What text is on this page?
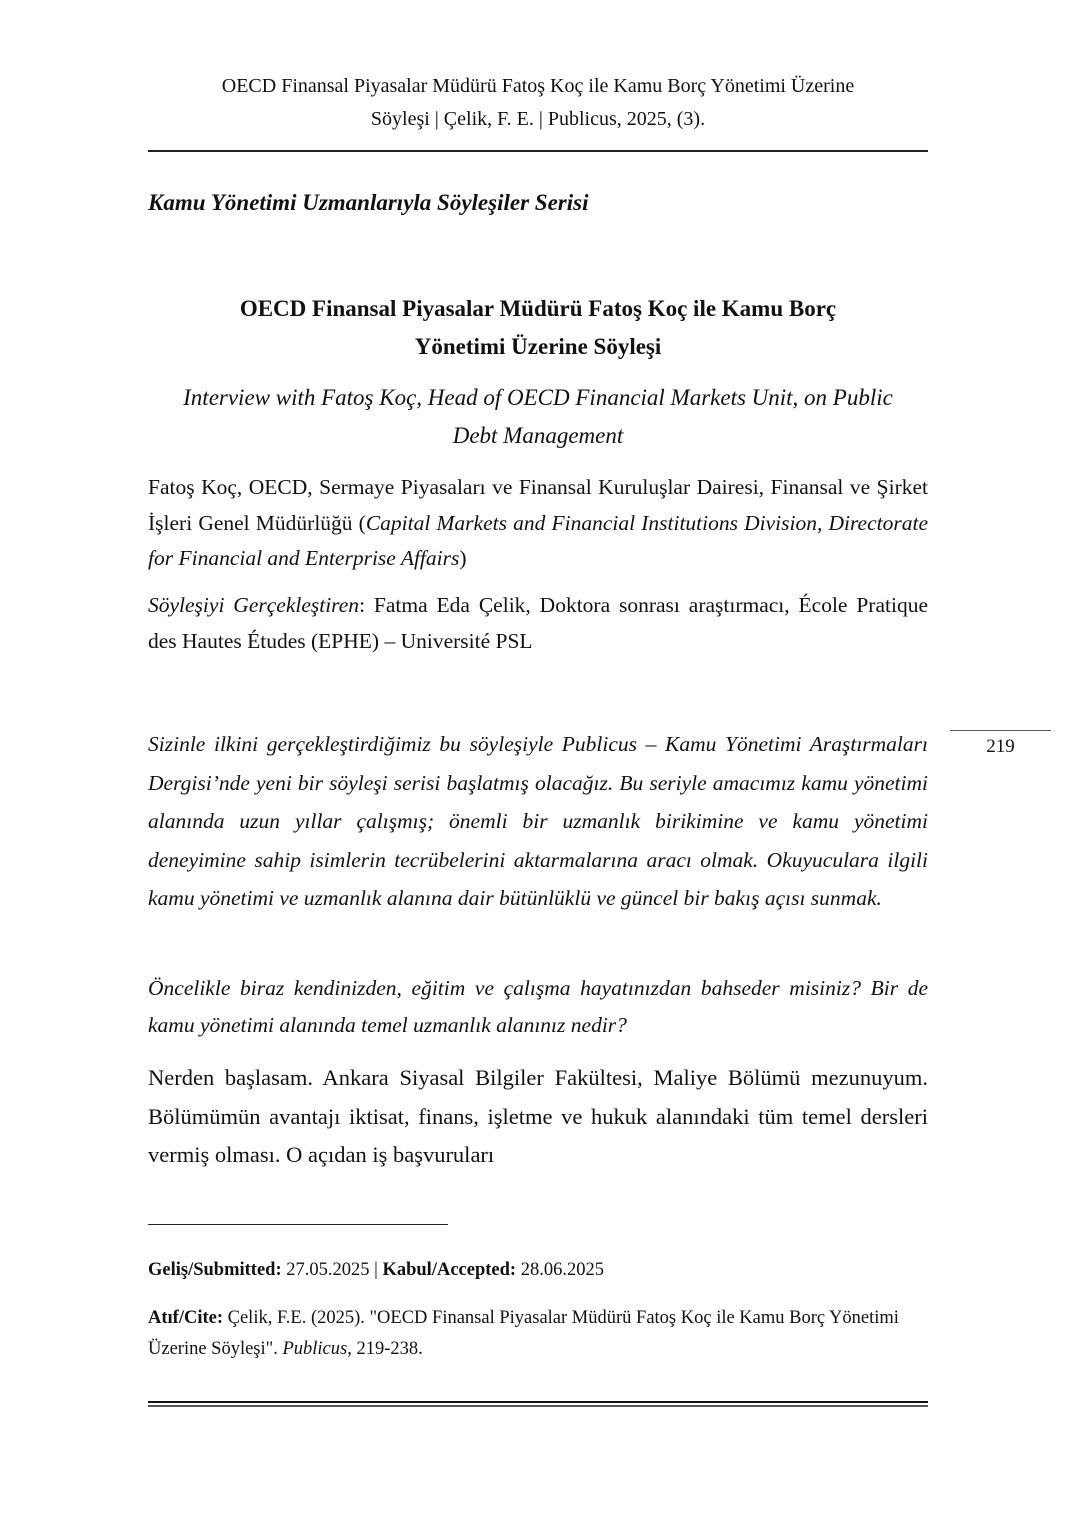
OECD Finansal Piyasalar Müdürü Fatoş Koç ile Kamu Borç Yönetimi Üzerine
Söyleşi | Çelik, F. E. | Publicus, 2025, (3).
Kamu Yönetimi Uzmanlarıyla Söyleşiler Serisi
OECD Finansal Piyasalar Müdürü Fatoş Koç ile Kamu Borç
Yönetimi Üzerine Söyleşi
Interview with Fatoş Koç, Head of OECD Financial Markets Unit, on Public
Debt Management
Fatoş Koç, OECD, Sermaye Piyasaları ve Finansal Kuruluşlar Dairesi, Finansal ve Şirket İşleri Genel Müdürlüğü (Capital Markets and Financial Institutions Division, Directorate for Financial and Enterprise Affairs)
Söyleşiyi Gerçekleştiren: Fatma Eda Çelik, Doktora sonrası araştırmacı, École Pratique des Hautes Études (EPHE) – Université PSL
Sizinle ilkini gerçekleştirdiğimiz bu söyleşiyle Publicus – Kamu Yönetimi Araştırmaları Dergisi’nde yeni bir söyleşi serisi başlatmış olacağız. Bu seriyle amacımız kamu yönetimi alanında uzun yıllar çalışmış; önemli bir uzmanlık birikimine ve kamu yönetimi deneyimine sahip isimlerin tecrübelerini aktarmalarına aracı olmak. Okuyuculara ilgili kamu yönetimi ve uzmanlık alanına dair bütünlüklü ve güncel bir bakış açısı sunmak.
219
Öncelikle biraz kendinizden, eğitim ve çalışma hayatınızdan bahseder misiniz? Bir de kamu yönetimi alanında temel uzmanlık alanınız nedir?
Nerden başlasam. Ankara Siyasal Bilgiler Fakültesi, Maliye Bölümü mezunuyum. Bölümümün avantajı iktisat, finans, işletme ve hukuk alanındaki tüm temel dersleri vermiş olması. O açıdan iş başvuruları
Geliş/Submitted: 27.05.2025 | Kabul/Accepted: 28.06.2025
Atıf/Cite: Çelik, F.E. (2025). "OECD Finansal Piyasalar Müdürü Fatoş Koç ile Kamu Borç Yönetimi Üzerine Söyleşi". Publicus, 219-238.
